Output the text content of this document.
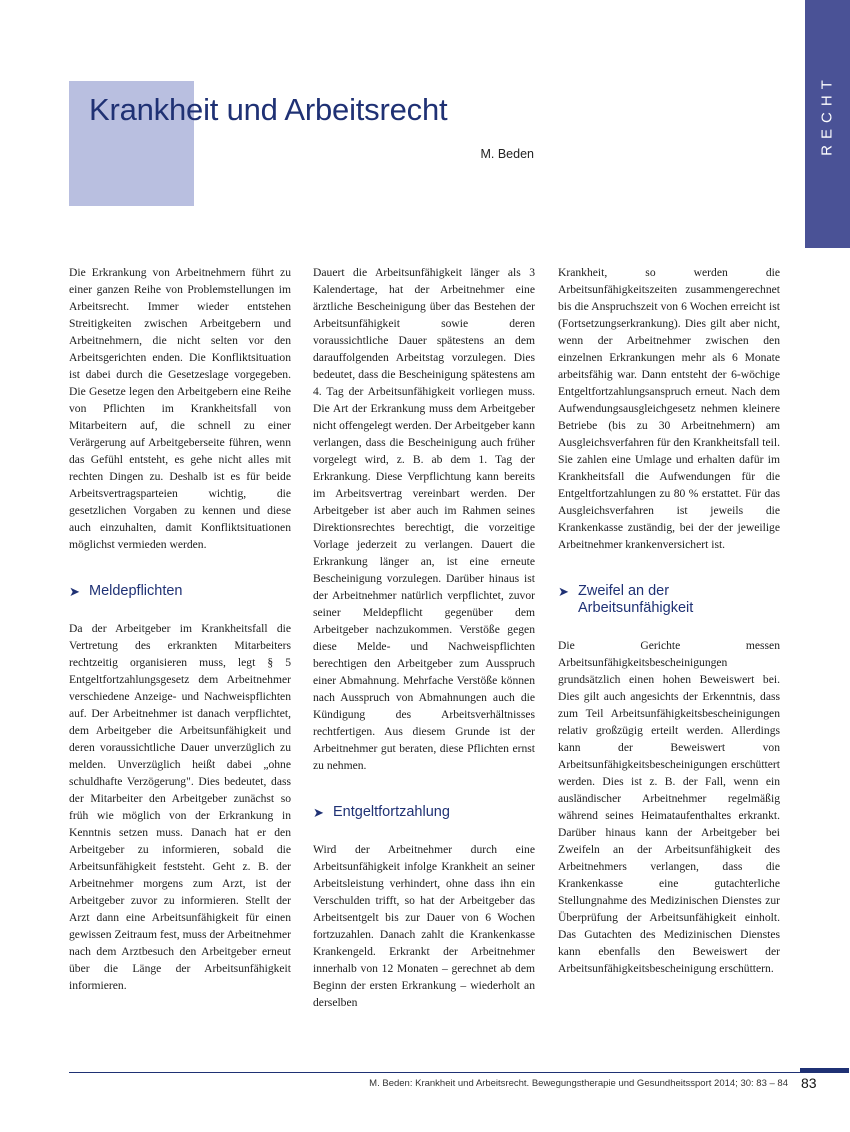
Krankheit und Arbeitsrecht
M. Beden	RECHT

Die Erkrankung von Arbeitnehmern führt zu einer ganzen Reihe von Problemstellungen im Arbeitsrecht. Immer wieder entstehen Streitigkeiten zwischen Arbeitgebern und Arbeitnehmern, die nicht selten vor den Arbeitsgerichten enden. Die Konfliktsituation ist dabei durch die Gesetzeslage vorgegeben. Die Gesetze legen den Arbeitgebern eine Reihe von Pflichten im Krankheitsfall von Mitarbeitern auf, die schnell zu einer Verärgerung auf Arbeitgeberseite führen, wenn das Gefühl entsteht, es gehe nicht alles mit rechten Dingen zu. Deshalb ist es für beide Arbeitsvertragsparteien wichtig, die gesetzlichen Vorgaben zu kennen und diese auch einzuhalten, damit Konfliktsituationen möglichst vermieden werden.

➤ Meldepflichten

Da der Arbeitgeber im Krankheitsfall die Vertretung des erkrankten Mitarbeiters rechtzeitig organisieren muss, legt § 5 Entgeltfortzahlungsgesetz dem Arbeitnehmer verschiedene Anzeige- und Nachweispflichten auf. Der Arbeitnehmer ist danach verpflichtet, dem Arbeitgeber die Arbeitsunfähigkeit und deren voraussichtliche Dauer unverzüglich zu melden. Unverzüglich heißt dabei „ohne schuldhafte Verzögerung". Dies bedeutet, dass der Mitarbeiter den Arbeitgeber zunächst so früh wie möglich von der Erkrankung in Kenntnis setzen muss. Danach hat er den Arbeitgeber zu informieren, sobald die Arbeitsunfähigkeit feststeht. Geht z. B. der Arbeitnehmer morgens zum Arzt, ist der Arbeitgeber zuvor zu informieren. Stellt der Arzt dann eine Arbeitsunfähigkeit für einen gewissen Zeitraum fest, muss der Arbeitnehmer nach dem Arztbesuch den Arbeitgeber erneut über die Länge der Arbeitsunfähigkeit informieren.

Dauert die Arbeitsunfähigkeit länger als 3 Kalendertage, hat der Arbeitnehmer eine ärztliche Bescheinigung über das Bestehen der Arbeitsunfähigkeit sowie deren voraussichtliche Dauer spätestens an dem darauffolgenden Arbeitstag vorzulegen. Dies bedeutet, dass die Bescheinigung spätestens am 4. Tag der Arbeitsunfähigkeit vorliegen muss. Die Art der Erkrankung muss dem Arbeitgeber nicht offengelegt werden. Der Arbeitgeber kann verlangen, dass die Bescheinigung auch früher vorgelegt wird, z. B. ab dem 1. Tag der Erkrankung. Diese Verpflichtung kann bereits im Arbeitsvertrag vereinbart werden. Der Arbeitgeber ist aber auch im Rahmen seines Direktionsrechtes berechtigt, die vorzeitige Vorlage jederzeit zu verlangen. Dauert die Erkrankung länger an, ist eine erneute Bescheinigung vorzulegen. Darüber hinaus ist der Arbeitnehmer natürlich verpflichtet, zuvor seiner Meldepflicht gegenüber dem Arbeitgeber nachzukommen. Verstöße gegen diese Melde- und Nachweispflichten berechtigen den Arbeitgeber zum Ausspruch einer Abmahnung. Mehrfache Verstöße können nach Ausspruch von Abmahnungen auch die Kündigung des Arbeitsverhältnisses rechtfertigen. Aus diesem Grunde ist der Arbeitnehmer gut beraten, diese Pflichten ernst zu nehmen.

➤ Entgeltfortzahlung

Wird der Arbeitnehmer durch eine Arbeitsunfähigkeit infolge Krankheit an seiner Arbeitsleistung verhindert, ohne dass ihn ein Verschulden trifft, so hat der Arbeitgeber das Arbeitsentgelt bis zur Dauer von 6 Wochen fortzuzahlen. Danach zahlt die Krankenkasse Krankengeld. Erkrankt der Arbeitnehmer innerhalb von 12 Monaten – gerechnet ab dem Beginn der ersten Erkrankung – wiederholt an derselben

Krankheit, so werden die Arbeitsunfähigkeitszeiten zusammengerechnet bis die Anspruchszeit von 6 Wochen erreicht ist (Fortsetzungserkrankung). Dies gilt aber nicht, wenn der Arbeitnehmer zwischen den einzelnen Erkrankungen mehr als 6 Monate arbeitsfähig war. Dann entsteht der 6-wöchige Entgeltfortzahlungsanspruch erneut. Nach dem Aufwendungsausgleichgesetz nehmen kleinere Betriebe (bis zu 30 Arbeitnehmern) am Ausgleichsverfahren für den Krankheitsfall teil. Sie zahlen eine Umlage und erhalten dafür im Krankheitsfall die Aufwendungen für die Entgeltfortzahlungen zu 80 % erstattet. Für das Ausgleichsverfahren ist jeweils die Krankenkasse zuständig, bei der der jeweilige Arbeitnehmer krankenversichert ist.

➤ Zweifel an der
Arbeitsunfähigkeit

Die Gerichte messen Arbeitsunfähigkeitsbescheinigungen grundsätzlich einen hohen Beweiswert bei. Dies gilt auch angesichts der Erkenntnis, dass zum Teil Arbeitsunfähigkeitsbescheinigungen relativ großzügig erteilt werden. Allerdings kann der Beweiswert von Arbeitsunfähigkeitsbescheinigungen erschüttert werden. Dies ist z. B. der Fall, wenn ein ausländischer Arbeitnehmer regelmäßig während seines Heimataufenthaltes erkrankt. Darüber hinaus kann der Arbeitgeber bei Zweifeln an der Arbeitsunfähigkeit des Arbeitnehmers verlangen, dass die Krankenkasse eine gutachterliche Stellungnahme des Medizinischen Dienstes zur Überprüfung der Arbeitsunfähigkeit einholt. Das Gutachten des Medizinischen Dienstes kann ebenfalls den Beweiswert der Arbeitsunfähigkeitsbescheinigung erschüttern.

M. Beden: Krankheit und Arbeitsrecht. Bewegungstherapie und Gesundheitssport 2014; 30: 83 – 84 83
